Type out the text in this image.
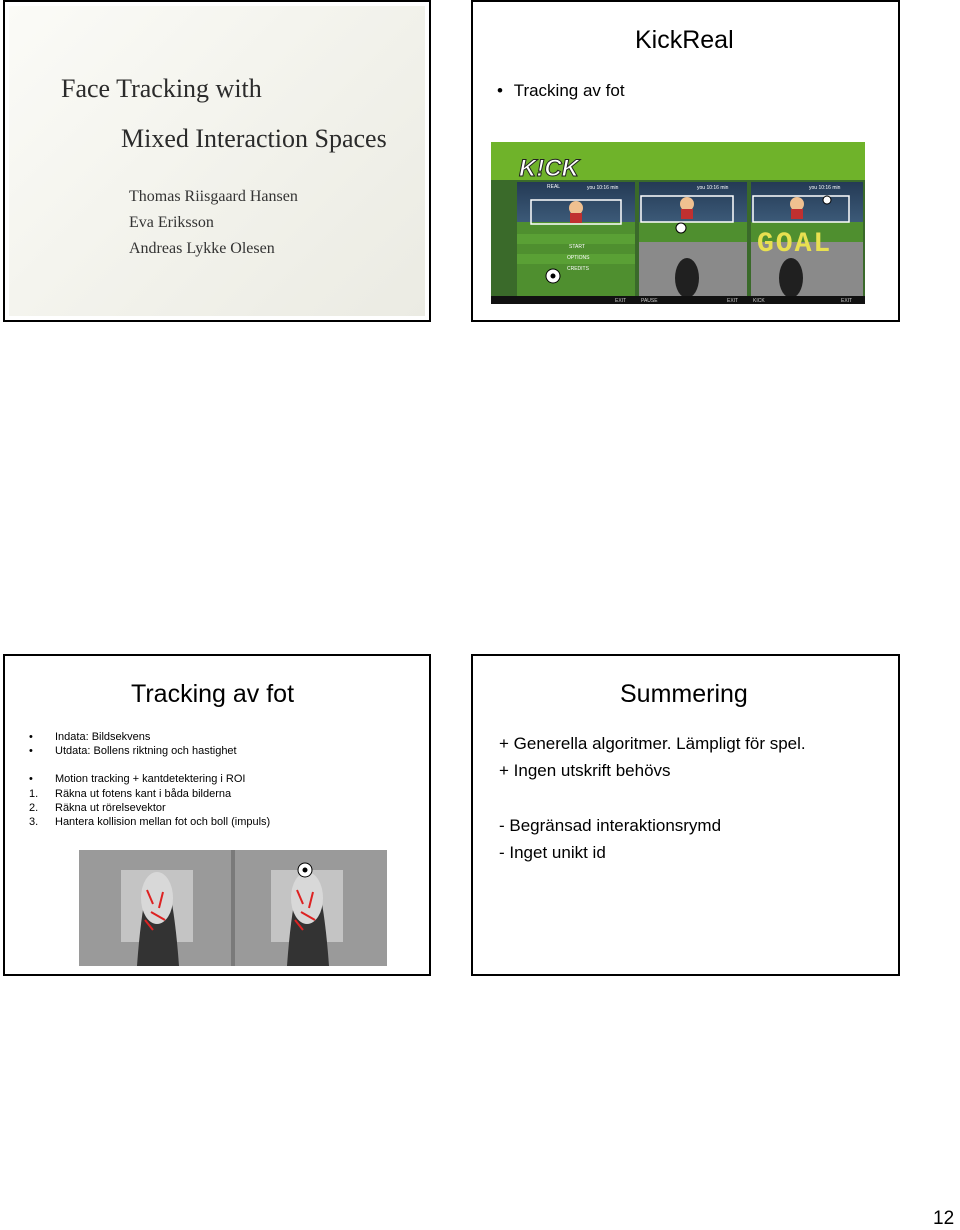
Face Tracking with
Mixed Interaction Spaces
Thomas Riisgaard Hansen
Eva Eriksson
Andreas Lykke Olesen
KickReal
• Tracking av fot
START
OPTIONS
CREDITS
K!CK
REAL	you 10:16 min	you 10:16 min
GOAL
you 10:16 min
EXIT	PAUSE	EXIT	KICK	EXIT
Tracking av fot
• Indata: Bildsekvens
• Utdata: Bollens riktning och hastighet
• Motion tracking + kantdetektering i ROI
1. Räkna ut fotens kant i båda bilderna
2. Räkna ut rörelsevektor
3. Hantera kollision mellan fot och boll (impuls)
Summering
+ Generella algoritmer. Lämpligt för spel.
+ Ingen utskrift behövs
- Begränsad interaktionsrymd
- Inget unikt id
12
